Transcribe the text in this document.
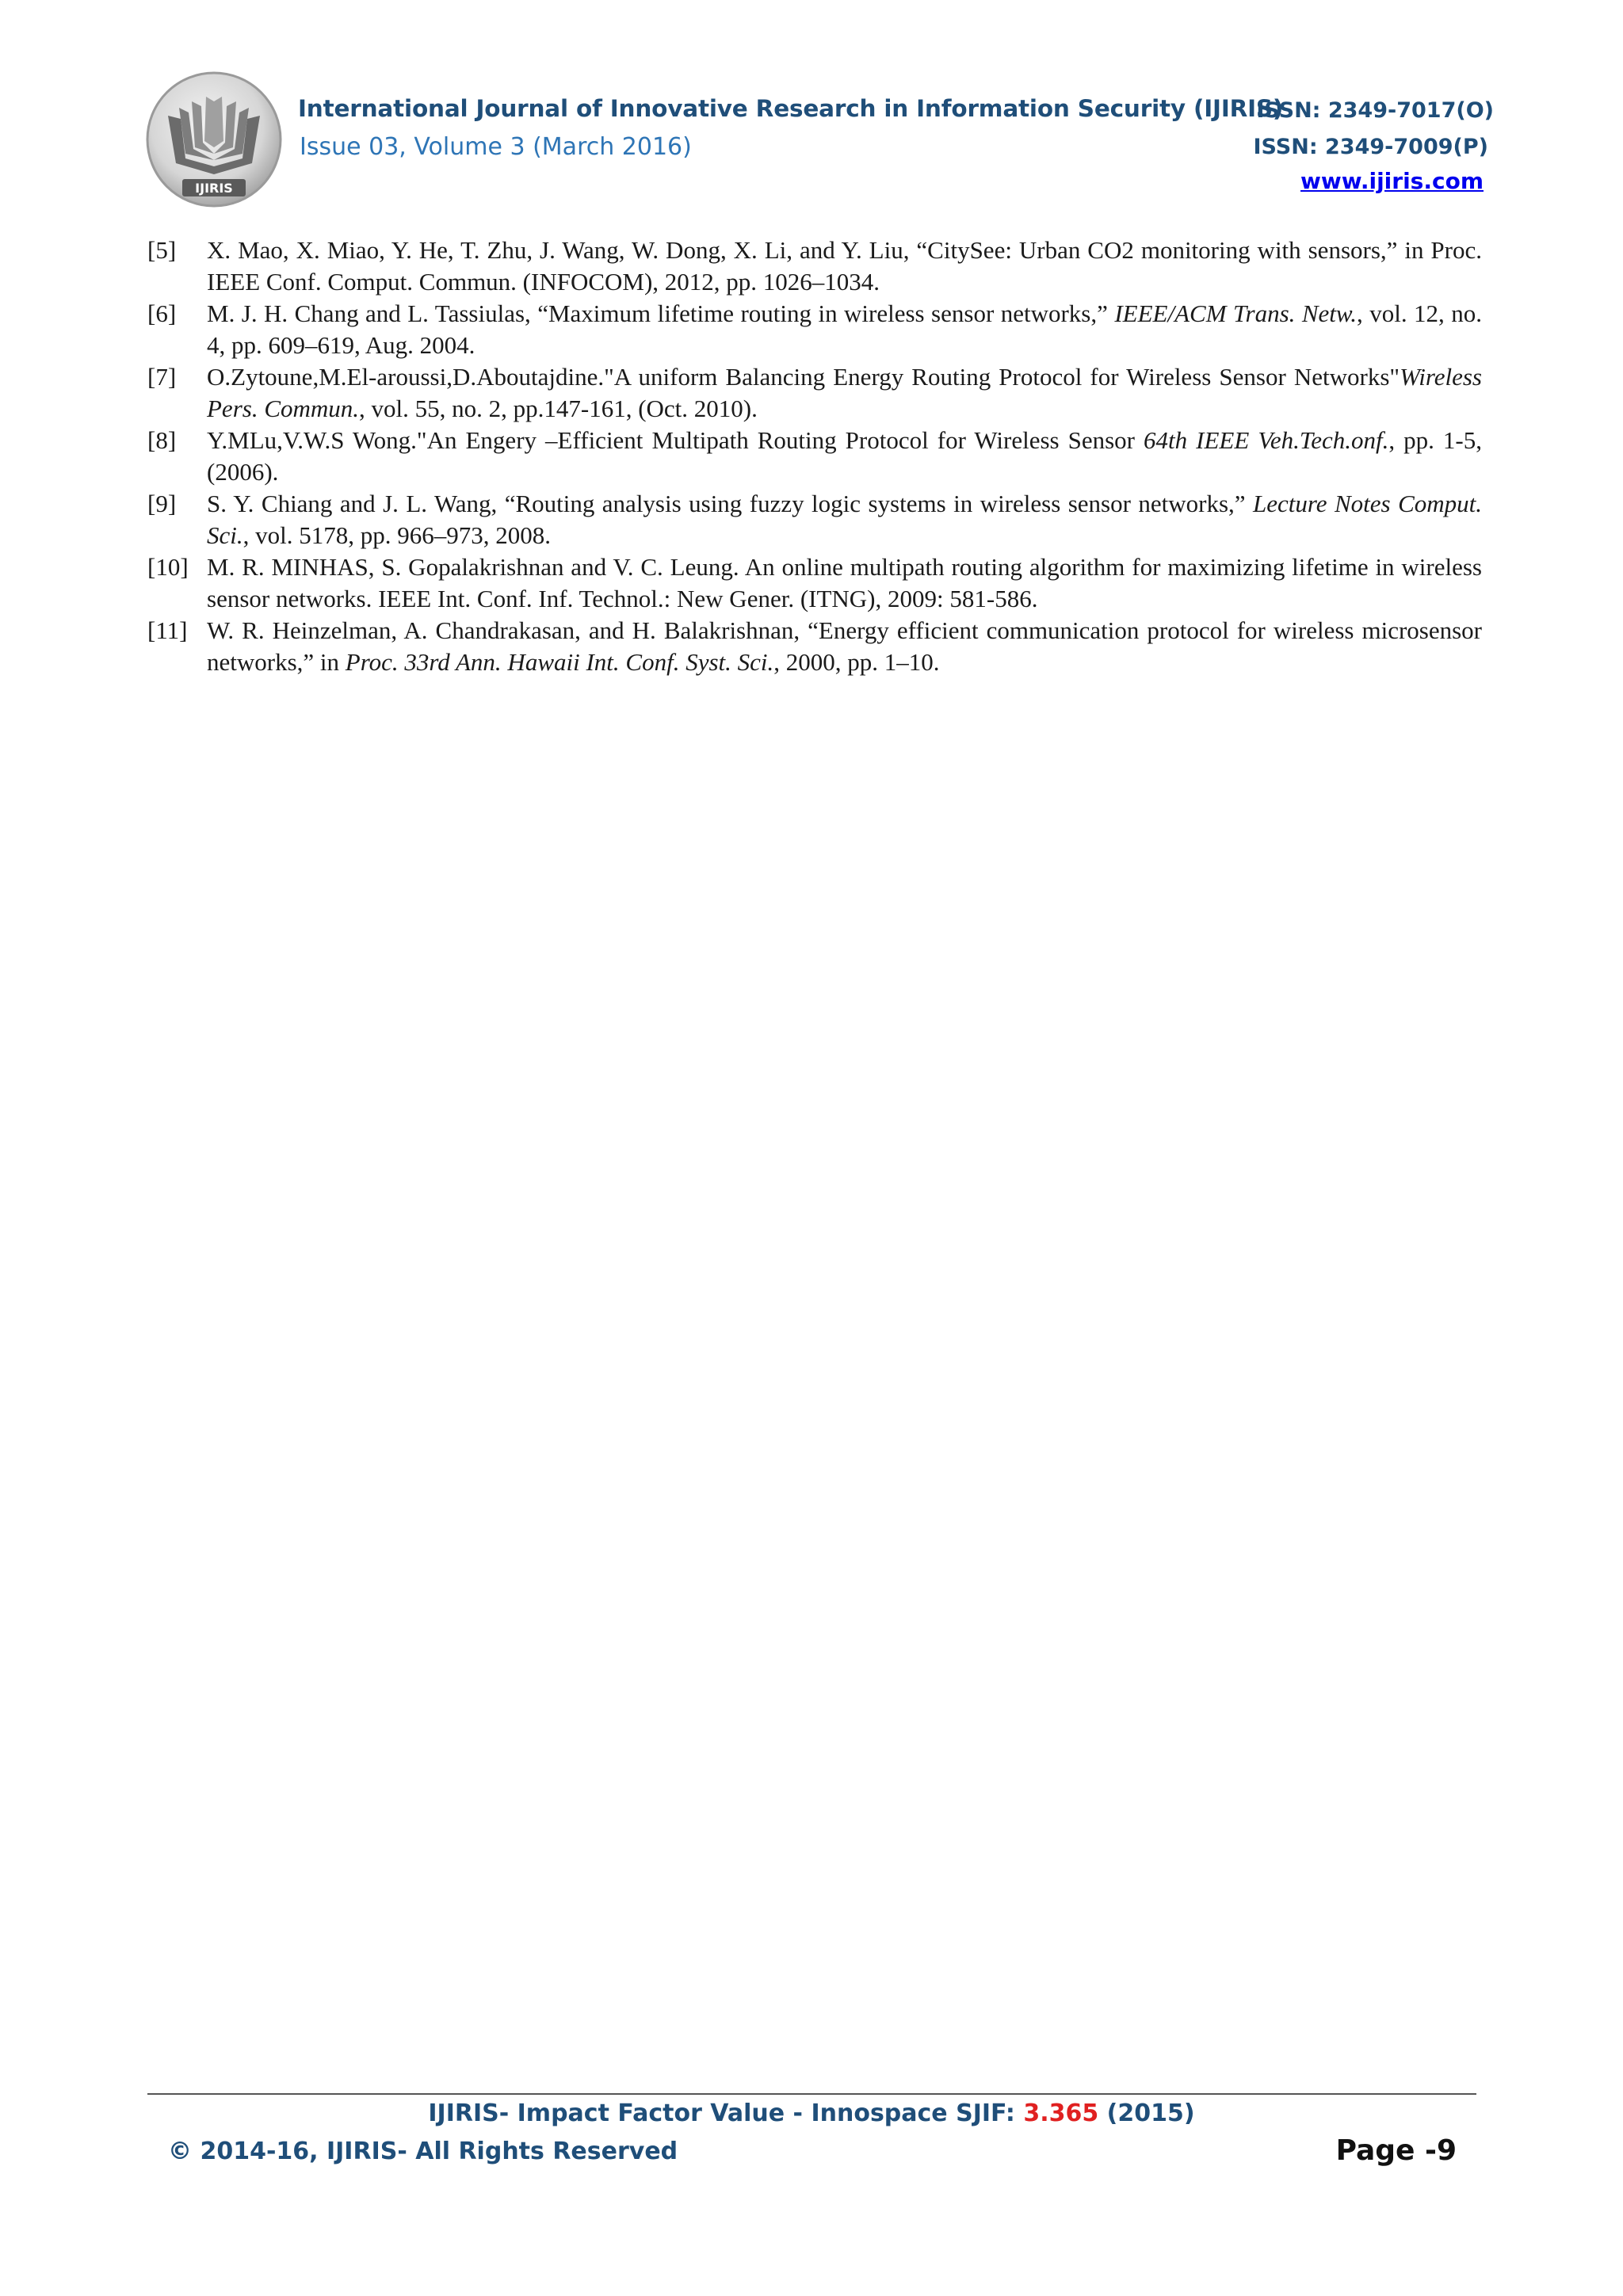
IJIRIS
International Journal of Innovative Research in Information Security (IJIRIS)
Issue 03, Volume 3 (March 2016)
ISSN: 2349-7017(O)
ISSN: 2349-7009(P)
www.ijiris.com
[5]	X. Mao, X. Miao, Y. He, T. Zhu, J. Wang, W. Dong, X. Li, and Y. Liu, “CitySee: Urban CO2 monitoring with sensors,” in Proc. IEEE Conf. Comput. Commun. (INFOCOM), 2012, pp. 1026–1034.
[6]	M. J. H. Chang and L. Tassiulas, “Maximum lifetime routing in wireless sensor networks,” IEEE/ACM Trans. Netw., vol. 12, no. 4, pp. 609–619, Aug. 2004.
[7]	O.Zytoune,M.El-aroussi,D.Aboutajdine."A uniform Balancing Energy Routing Protocol for Wireless Sensor Networks"Wireless Pers. Commun., vol. 55, no. 2, pp.147-161, (Oct. 2010).
[8]	Y.MLu,V.W.S Wong."An Engery –Efficient Multipath Routing Protocol for Wireless Sensor 64th IEEE Veh.Tech.onf., pp. 1-5, (2006).
[9]	S. Y. Chiang and J. L. Wang, “Routing analysis using fuzzy logic systems in wireless sensor networks,” Lecture Notes Comput. Sci., vol. 5178, pp. 966–973, 2008.
[10] M. R. MINHAS, S. Gopalakrishnan and V. C. Leung. An online multipath routing algorithm for maximizing lifetime in wireless sensor networks. IEEE Int. Conf. Inf. Technol.: New Gener. (ITNG), 2009: 581-586.
[11] W. R. Heinzelman, A. Chandrakasan, and H. Balakrishnan, “Energy efficient communication protocol for wireless microsensor networks,” in Proc. 33rd Ann. Hawaii Int. Conf. Syst. Sci., 2000, pp. 1–10.
IJIRIS- Impact Factor Value - Innospace SJIF: 3.365 (2015)
© 2014-16, IJIRIS- All Rights Reserved	Page -9
